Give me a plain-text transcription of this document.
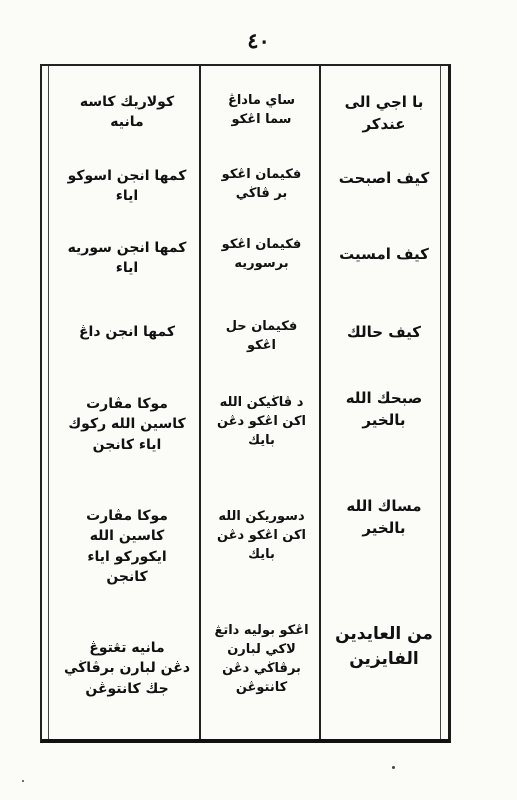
٤٠
با اجي الى
عندكر
ساي ماداڠ
سما اڠكو
كولاريك كاسه
مانيه
كيف اصبحت
فكيمان اڠكو
بر ڤاڬي
كمها انجن اسوكو
اياء
كيف امسيت
فكيمان اڠكو
برسوريه
كمها انجن سوريه
اياء
كيف حالك
فكيمان حل
اڠكو
كمها انجن داڠ
صبحك الله
بالخير
د ڤاڬيكن الله
اكن اڠكو دڠن
بايك
موكا مڤارت
كاسين الله ركوك
اياء كانجن
مساك الله
بالخير
دسوريكن الله
اكن اڠكو دڠن
بايك
موكا مڤارت
كاسين الله
ايكوركو اياء
كانجن
من العايدين
الفايزين
اڠكو بوليه داتڠ
لاكي لبارن
برڤاڬي دڠن
كانتوڠن
مانيه تڠتوڠ
دڠن لبارن برڤاڬي
جڬ كانتوڠن
